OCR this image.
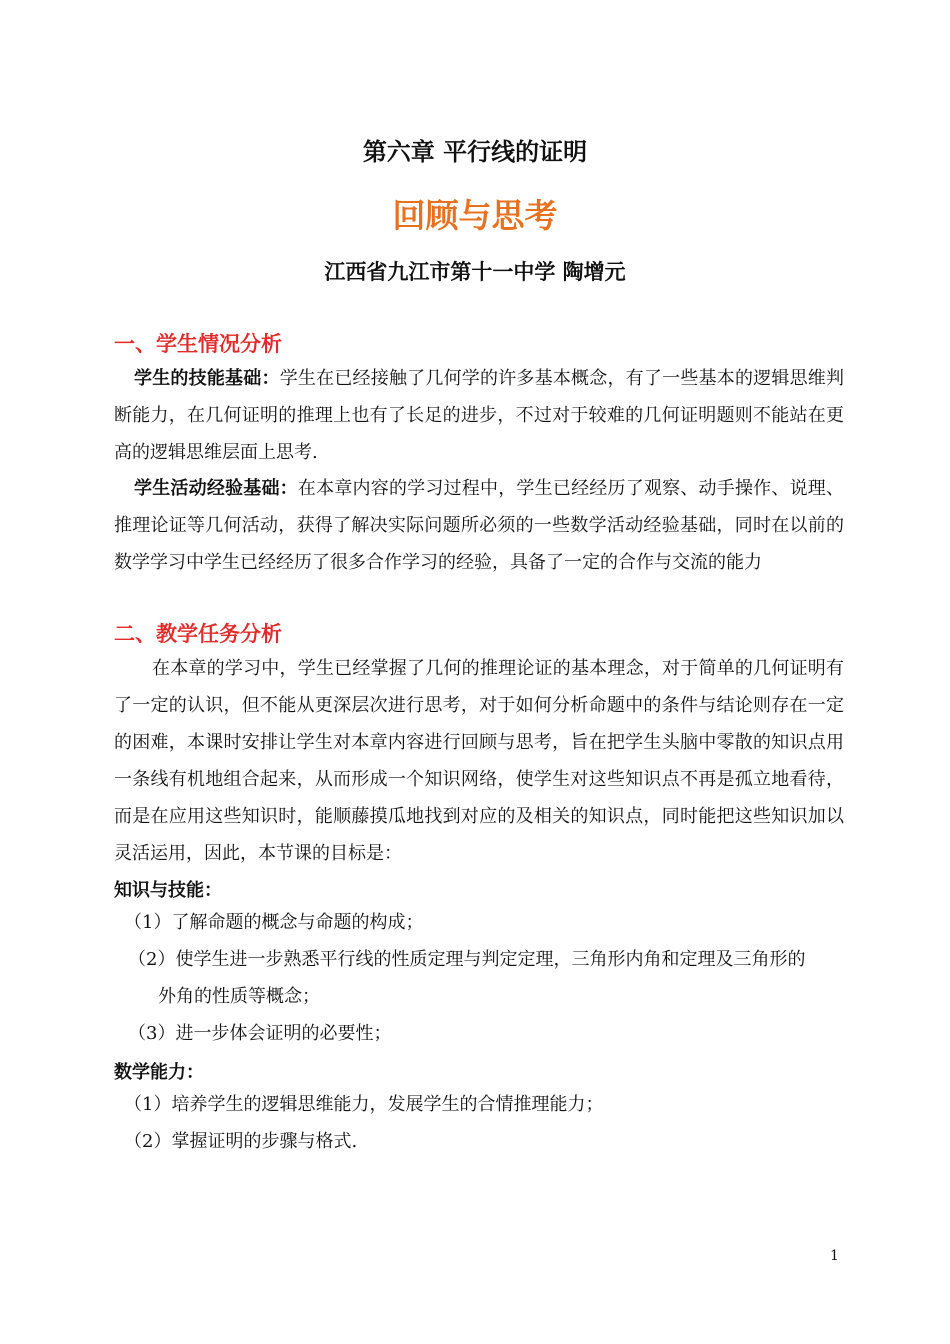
第六章 平行线的证明
回顾与思考
江西省九江市第十一中学 陶增元
一、学生情况分析
学生的技能基础：学生在已经接触了几何学的许多基本概念，有了一些基本的逻辑思维判断能力，在几何证明的推理上也有了长足的进步，不过对于较难的几何证明题则不能站在更高的逻辑思维层面上思考.
学生活动经验基础：在本章内容的学习过程中，学生已经经历了观察、动手操作、说理、推理论证等几何活动，获得了解决实际问题所必须的一些数学活动经验基础，同时在以前的数学学习中学生已经经历了很多合作学习的经验，具备了一定的合作与交流的能力
二、教学任务分析
在本章的学习中，学生已经掌握了几何的推理论证的基本理念，对于简单的几何证明有了一定的认识，但不能从更深层次进行思考，对于如何分析命题中的条件与结论则存在一定的困难，本课时安排让学生对本章内容进行回顾与思考，旨在把学生头脑中零散的知识点用一条线有机地组合起来，从而形成一个知识网络，使学生对这些知识点不再是孤立地看待，而是在应用这些知识时，能顺藤摸瓜地找到对应的及相关的知识点，同时能把这些知识加以灵活运用，因此，本节课的目标是：
知识与技能：
（1）了解命题的概念与命题的构成；
（2）使学生进一步熟悉平行线的性质定理与判定定理，三角形内角和定理及三角形的
外角的性质等概念；
（3）进一步体会证明的必要性；
数学能力：
（1）培养学生的逻辑思维能力，发展学生的合情推理能力；
（2）掌握证明的步骤与格式.
1
